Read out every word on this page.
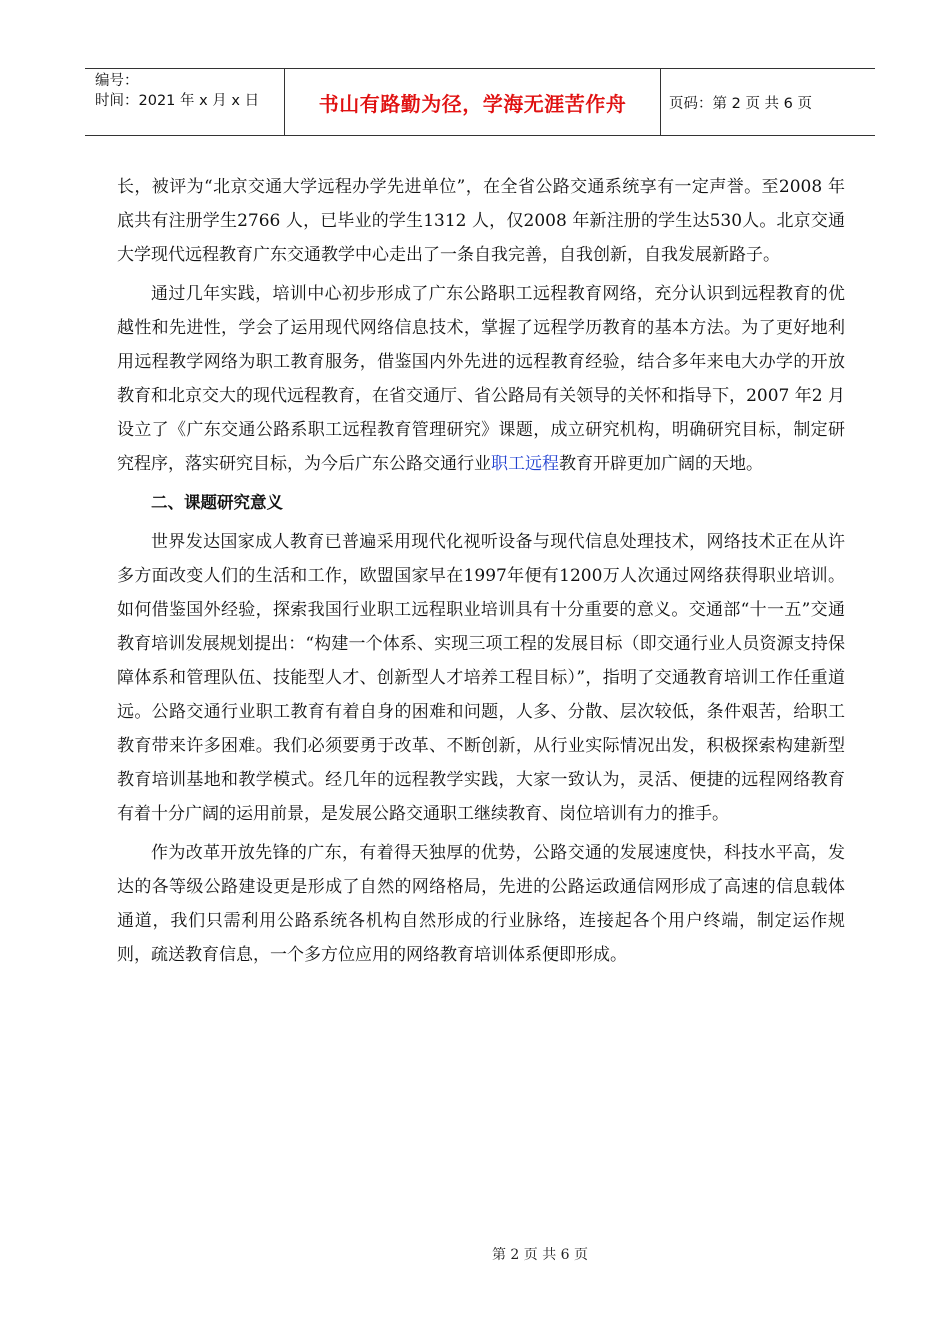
编号：
时间：2021 年 x 月 x 日	书山有路勤为径，学海无涯苦作舟	页码：第 2 页 共 6 页

长，被评为“北京交通大学远程办学先进单位”，在全省公路交通系统享有一定声誉。至2008 年底共有注册学生2766 人，已毕业的学生1312 人，仅2008 年新注册的学生达530人。北京交通大学现代远程教育广东交通教学中心走出了一条自我完善，自我创新，自我发展新路子。

通过几年实践，培训中心初步形成了广东公路职工远程教育网络，充分认识到远程教育的优越性和先进性，学会了运用现代网络信息技术，掌握了远程学历教育的基本方法。为了更好地利用远程教学网络为职工教育服务，借鉴国内外先进的远程教育经验，结合多年来电大办学的开放教育和北京交大的现代远程教育，在省交通厅、省公路局有关领导的关怀和指导下，2007 年2 月设立了《广东交通公路系职工远程教育管理研究》课题，成立研究机构，明确研究目标，制定研究程序，落实研究目标，为今后广东公路交通行业职工远程教育开辟更加广阔的天地。

二、课题研究意义

世界发达国家成人教育已普遍采用现代化视听设备与现代信息处理技术，网络技术正在从许多方面改变人们的生活和工作，欧盟国家早在1997年便有1200万人次通过网络获得职业培训。如何借鉴国外经验，探索我国行业职工远程职业培训具有十分重要的意义。交通部“十一五”交通教育培训发展规划提出：“构建一个体系、实现三项工程的发展目标（即交通行业人员资源支持保障体系和管理队伍、技能型人才、创新型人才培养工程目标）”，指明了交通教育培训工作任重道远。公路交通行业职工教育有着自身的困难和问题，人多、分散、层次较低，条件艰苦，给职工教育带来许多困难。我们必须要勇于改革、不断创新，从行业实际情况出发，积极探索构建新型教育培训基地和教学模式。经几年的远程教学实践，大家一致认为，灵活、便捷的远程网络教育有着十分广阔的运用前景，是发展公路交通职工继续教育、岗位培训有力的推手。

作为改革开放先锋的广东，有着得天独厚的优势，公路交通的发展速度快，科技水平高，发达的各等级公路建设更是形成了自然的网络格局，先进的公路运政通信网形成了高速的信息载体通道，我们只需利用公路系统各机构自然形成的行业脉络，连接起各个用户终端，制定运作规则，疏送教育信息，一个多方位应用的网络教育培训体系便即形成。

第 2 页 共 6 页
